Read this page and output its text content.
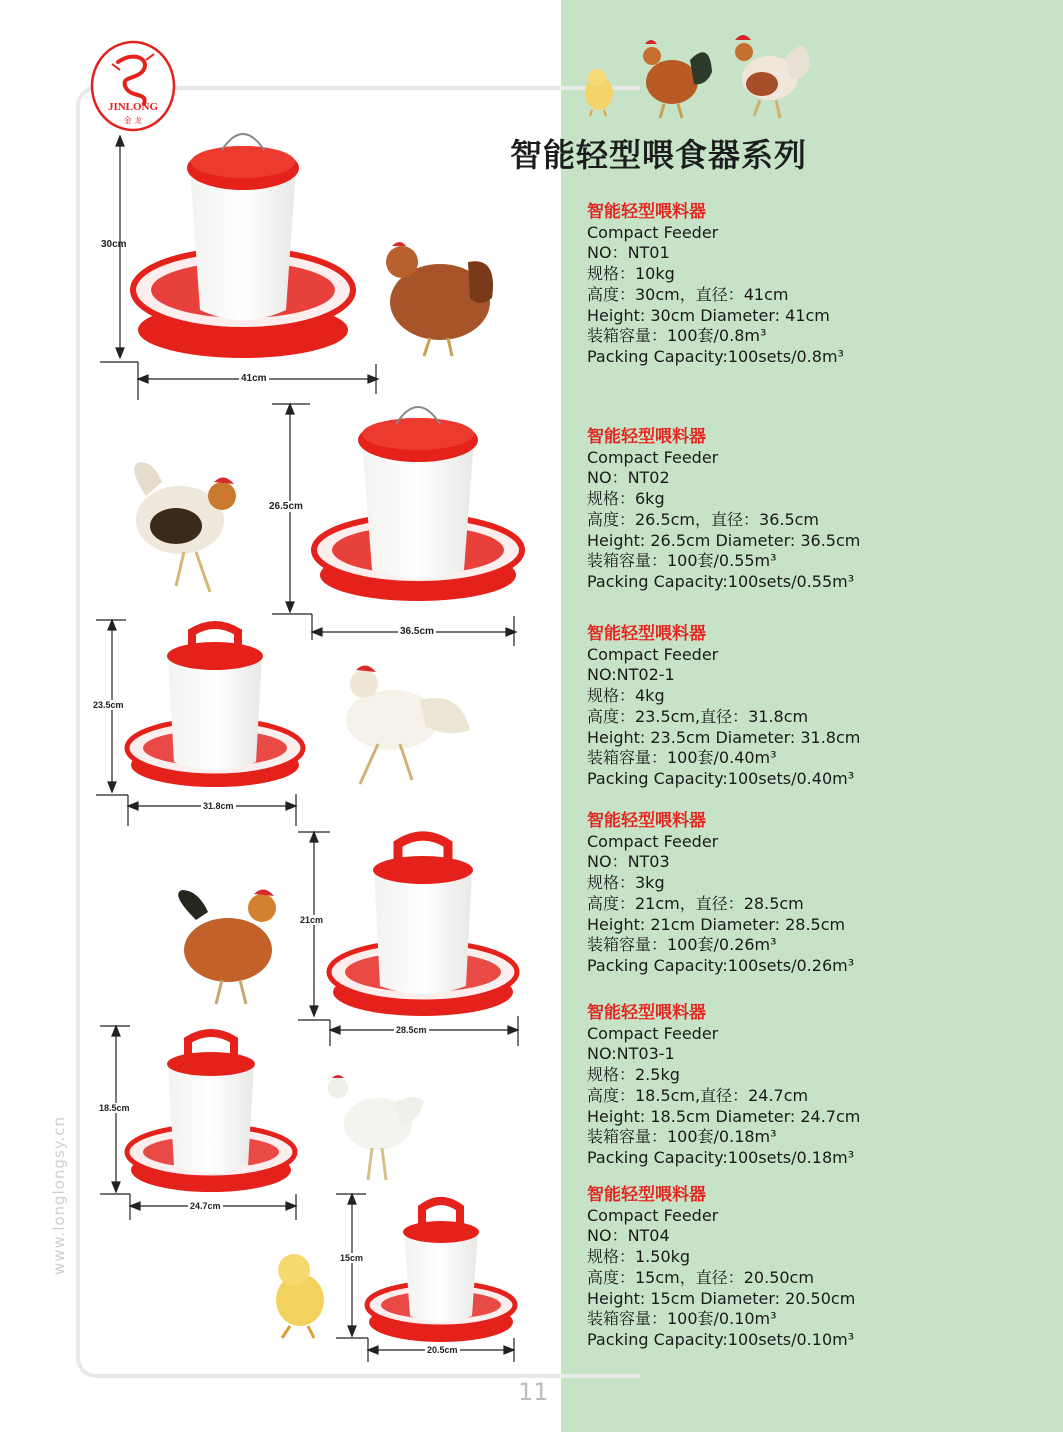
JINLONG
金 龙
30cm
41cm
26.5cm
36.5cm
23.5cm
31.8cm
21cm
28.5cm
18.5cm
24.7cm
15cm
20.5cm
智能轻型喂食器系列
智能轻型喂料器
Compact Feeder
NO：NT01
规格：10kg
高度：30cm，直径：41cm
Height: 30cm Diameter: 41cm
装箱容量：100套/0.8m³
Packing Capacity:100sets/0.8m³
智能轻型喂料器
Compact Feeder
NO：NT02
规格：6kg
高度：26.5cm，直径：36.5cm
Height: 26.5cm Diameter: 36.5cm
装箱容量：100套/0.55m³
Packing Capacity:100sets/0.55m³
智能轻型喂料器
Compact Feeder
NO:NT02-1
规格：4kg
高度：23.5cm,直径：31.8cm
Height: 23.5cm Diameter: 31.8cm
装箱容量：100套/0.40m³
Packing Capacity:100sets/0.40m³
智能轻型喂料器
Compact Feeder
NO：NT03
规格：3kg
高度：21cm，直径：28.5cm
Height: 21cm Diameter: 28.5cm
装箱容量：100套/0.26m³
Packing Capacity:100sets/0.26m³
智能轻型喂料器
Compact Feeder
NO:NT03-1
规格：2.5kg
高度：18.5cm,直径：24.7cm
Height: 18.5cm Diameter: 24.7cm
装箱容量：100套/0.18m³
Packing Capacity:100sets/0.18m³
智能轻型喂料器
Compact Feeder
NO：NT04
规格：1.50kg
高度：15cm，直径：20.50cm
Height: 15cm Diameter: 20.50cm
装箱容量：100套/0.10m³
Packing Capacity:100sets/0.10m³
www.longlongsy.cn
11
